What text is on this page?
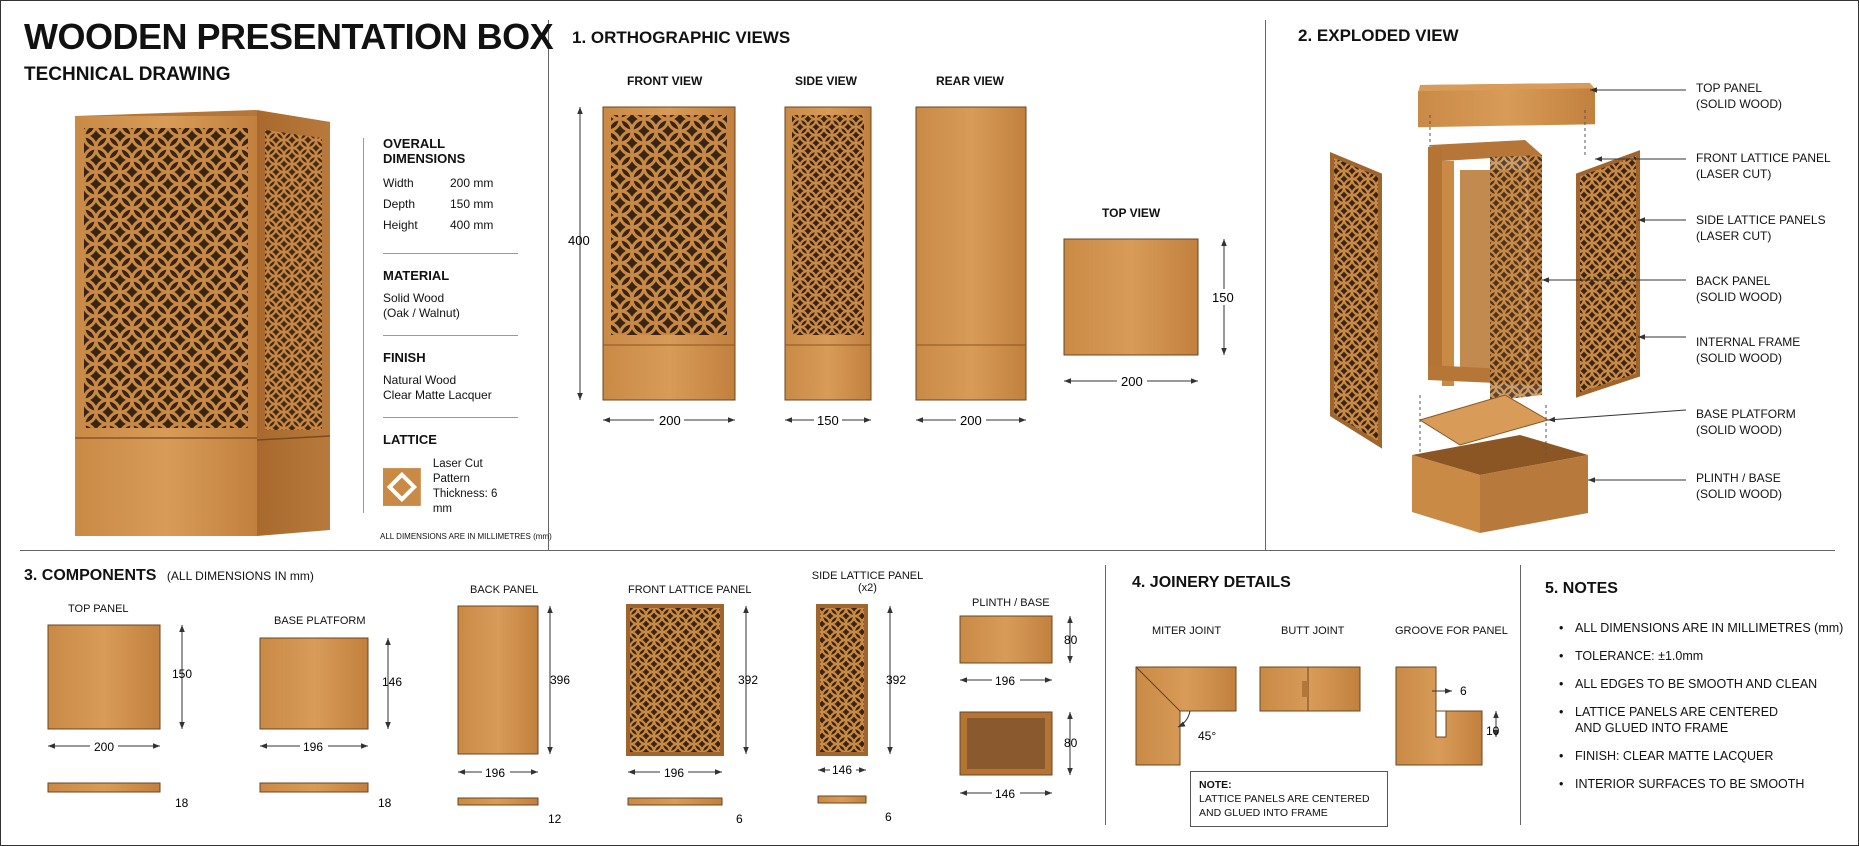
WOODEN PRESENTATION BOX
TECHNICAL DRAWING
OVERALL DIMENSIONS
Width	200 mm
Depth	150 mm
Height	400 mm
MATERIAL
Solid Wood
(Oak / Walnut)
FINISH
Natural Wood
Clear Matte Lacquer
LATTICE
Laser Cut Pattern
Thickness: 6 mm
ALL DIMENSIONS ARE IN MILLIMETRES (mm)
1. ORTHOGRAPHIC VIEWS
FRONT VIEW	SIDE VIEW	REAR VIEW
TOP VIEW
400
200	150	200
150
200
2. EXPLODED VIEW
TOP PANEL
(SOLID WOOD)
FRONT LATTICE PANEL
(LASER CUT)
SIDE LATTICE PANELS
(LASER CUT)
BACK PANEL
(SOLID WOOD)
INTERNAL FRAME
(SOLID WOOD)
BASE PLATFORM
(SOLID WOOD)
PLINTH / BASE
(SOLID WOOD)
3. COMPONENTS (ALL DIMENSIONS IN mm)
TOP PANEL
BASE PLATFORM
BACK PANEL	FRONT LATTICE PANEL
SIDE LATTICE PANEL
(x2)
PLINTH / BASE
150
200
18
146
196
18
396
196
12
392
196
6
392
146
6
80
196
80
146
4. JOINERY DETAILS
MITER JOINT	BUTT JOINT	GROOVE FOR PANEL
45°
6
10
NOTE:
LATTICE PANELS ARE CENTERED
AND GLUED INTO FRAME
5. NOTES
• ALL DIMENSIONS ARE IN MILLIMETRES (mm)
• TOLERANCE: ±1.0mm
• ALL EDGES TO BE SMOOTH AND CLEAN
• LATTICE PANELS ARE CENTERED
AND GLUED INTO FRAME
• FINISH: CLEAR MATTE LACQUER
• INTERIOR SURFACES TO BE SMOOTH
